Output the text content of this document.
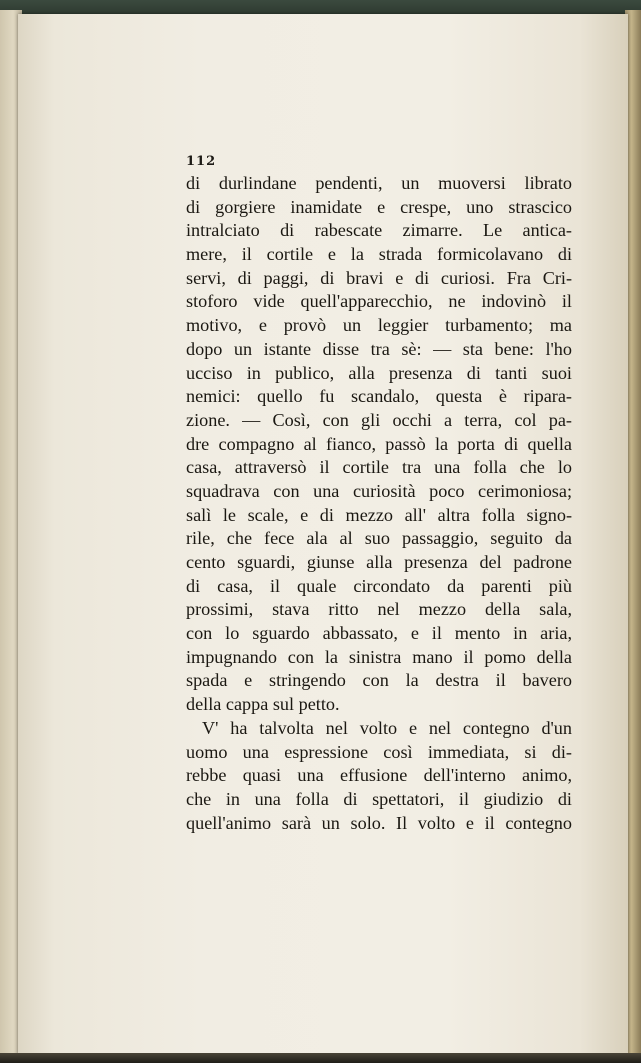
112
di durlindane pendenti, un muoversi librato
di gorgiere inamidate e crespe, uno strascico
intralciato di rabescate zimarre. Le antica-
mere, il cortile e la strada formicolavano di
servi, di paggi, di bravi e di curiosi. Fra Cri-
stoforo vide quell'apparecchio, ne indovinò il
motivo, e provò un leggier turbamento; ma
dopo un istante disse tra sè: — sta bene: l'ho
ucciso in publico, alla presenza di tanti suoi
nemici: quello fu scandalo, questa è ripara-
zione. — Così, con gli occhi a terra, col pa-
dre compagno al fianco, passò la porta di quella
casa, attraversò il cortile tra una folla che lo
squadrava con una curiosità poco cerimoniosa;
salì le scale, e di mezzo all' altra folla signo-
rile, che fece ala al suo passaggio, seguito da
cento sguardi, giunse alla presenza del padrone
di casa, il quale circondato da parenti più
prossimi, stava ritto nel mezzo della sala,
con lo sguardo abbassato, e il mento in aria,
impugnando con la sinistra mano il pomo della
spada e stringendo con la destra il bavero
della cappa sul petto.
V' ha talvolta nel volto e nel contegno d'un
uomo una espressione così immediata, si di-
rebbe quasi una effusione dell'interno animo,
che in una folla di spettatori, il giudizio di
quell'animo sarà un solo. Il volto e il contegno
